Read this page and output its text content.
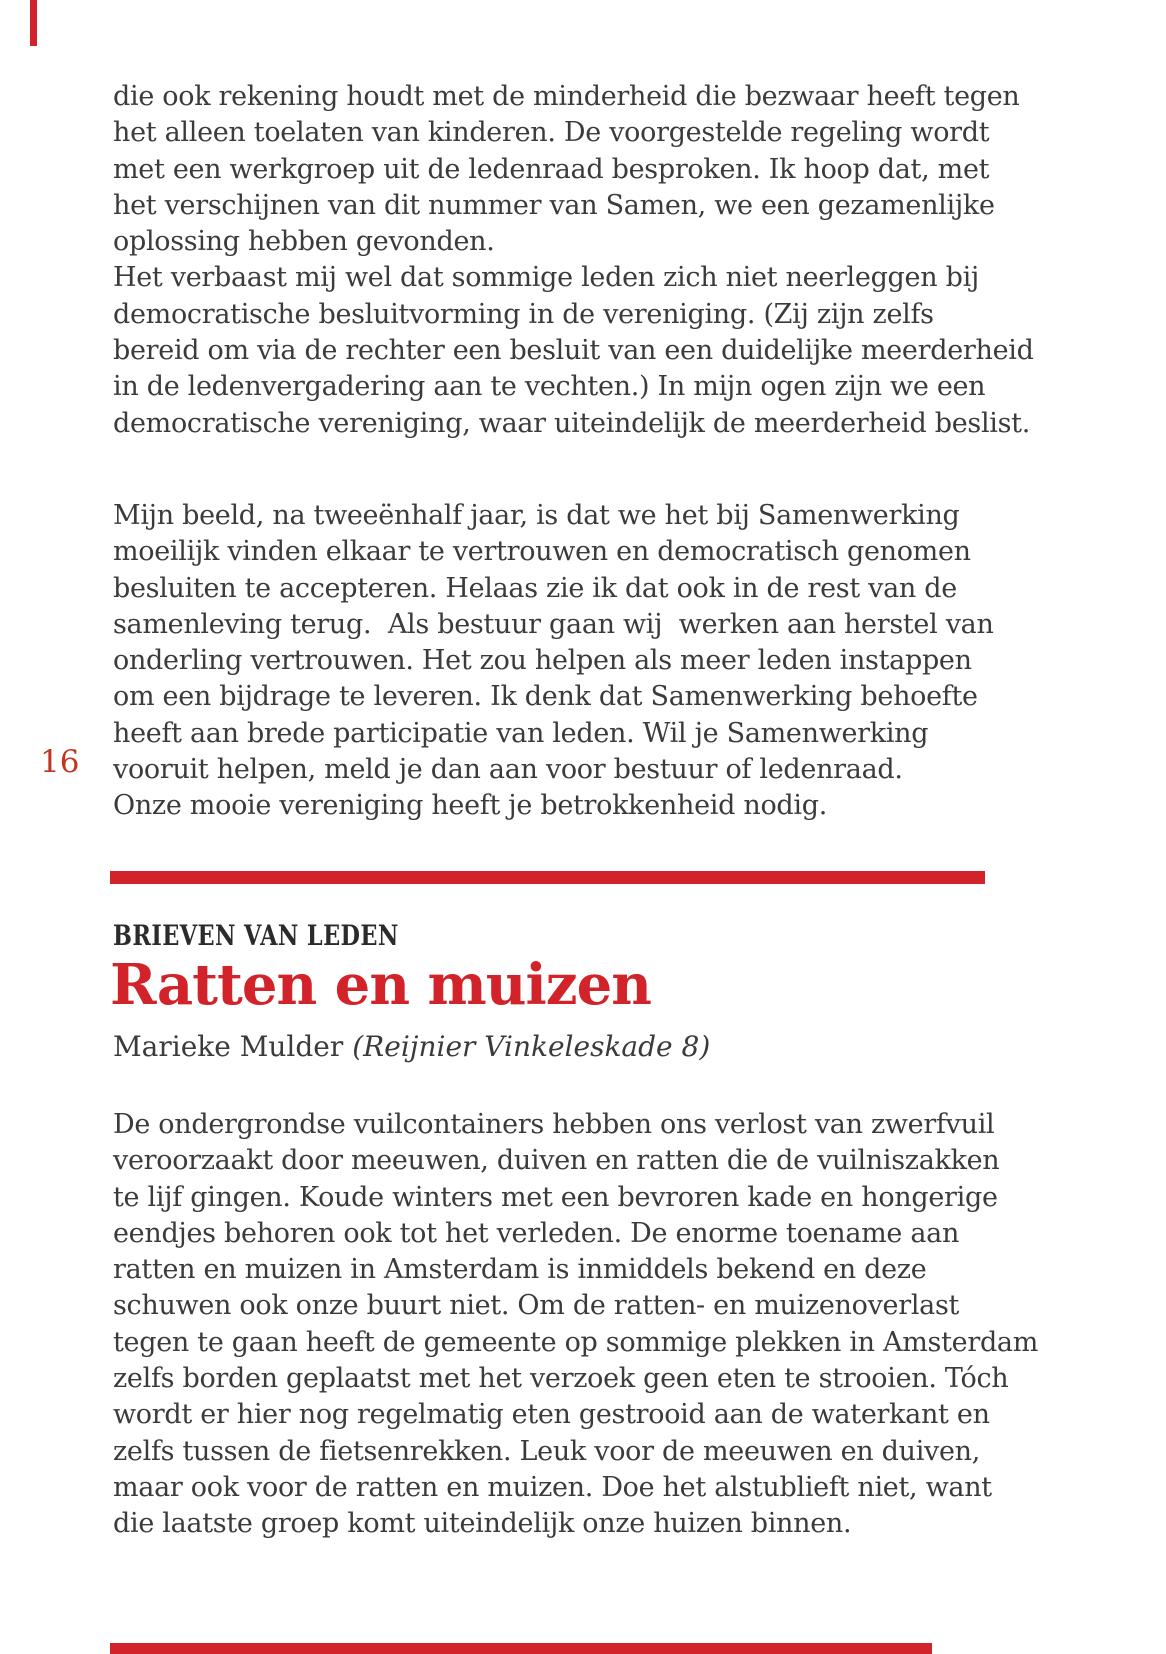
16
die ook rekening houdt met de minderheid die bezwaar heeft tegen
het alleen toelaten van kinderen. De voorgestelde regeling wordt
met een werkgroep uit de ledenraad besproken. Ik hoop dat, met
het verschijnen van dit nummer van Samen, we een gezamenlijke
oplossing hebben gevonden.
Het verbaast mij wel dat sommige leden zich niet neerleggen bij
democratische besluitvorming in de vereniging. (Zij zijn zelfs
bereid om via de rechter een besluit van een duidelijke meerderheid
in de ledenvergadering aan te vechten.) In mijn ogen zijn we een
democratische vereniging, waar uiteindelijk de meerderheid beslist.
Mijn beeld, na tweeënhalf jaar, is dat we het bij Samenwerking
moeilijk vinden elkaar te vertrouwen en democratisch genomen
besluiten te accepteren. Helaas zie ik dat ook in de rest van de
samenleving terug.  Als bestuur gaan wij  werken aan herstel van
onderling vertrouwen. Het zou helpen als meer leden instappen
om een bijdrage te leveren. Ik denk dat Samenwerking behoefte
heeft aan brede participatie van leden. Wil je Samenwerking
vooruit helpen, meld je dan aan voor bestuur of ledenraad.
Onze mooie vereniging heeft je betrokkenheid nodig.
BRIEVEN VAN LEDEN
Ratten en muizen
Marieke Mulder (Reijnier Vinkeleskade 8)
De ondergrondse vuilcontainers hebben ons verlost van zwerfvuil
veroorzaakt door meeuwen, duiven en ratten die de vuilniszakken
te lijf gingen. Koude winters met een bevroren kade en hongerige
eendjes behoren ook tot het verleden. De enorme toename aan
ratten en muizen in Amsterdam is inmiddels bekend en deze
schuwen ook onze buurt niet. Om de ratten- en muizenoverlast
tegen te gaan heeft de gemeente op sommige plekken in Amsterdam
zelfs borden geplaatst met het verzoek geen eten te strooien. Tóch
wordt er hier nog regelmatig eten gestrooid aan de waterkant en
zelfs tussen de fietsenrekken. Leuk voor de meeuwen en duiven,
maar ook voor de ratten en muizen. Doe het alstublieft niet, want
die laatste groep komt uiteindelijk onze huizen binnen.
